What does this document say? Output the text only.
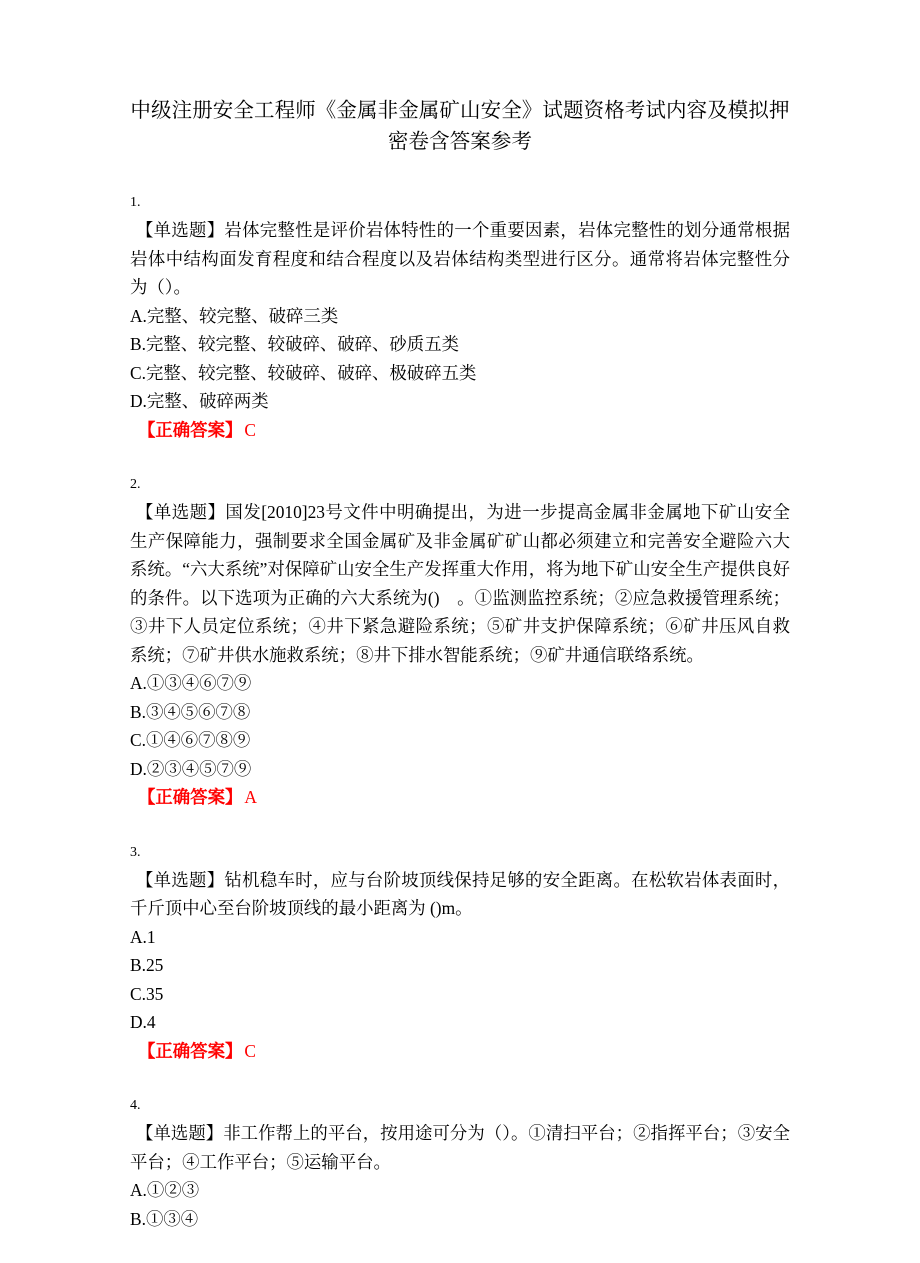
中级注册安全工程师《金属非金属矿山安全》试题资格考试内容及模拟押密卷含答案参考
1.

【单选题】岩体完整性是评价岩体特性的一个重要因素，岩体完整性的划分通常根据岩体中结构面发育程度和结合程度以及岩体结构类型进行区分。通常将岩体完整性分为（）。

A.完整、较完整、破碎三类
B.完整、较完整、较破碎、破碎、砂质五类
C.完整、较完整、较破碎、破碎、极破碎五类
D.完整、破碎两类
【正确答案】 C
2.

【单选题】国发[2010]23号文件中明确提出，为进一步提高金属非金属地下矿山安全生产保障能力，强制要求全国金属矿及非金属矿矿山都必须建立和完善安全避险六大系统。“六大系统”对保障矿山安全生产发挥重大作用，将为地下矿山安全生产提供良好的条件。以下选项为正确的六大系统为()　。①监测监控系统；②应急救援管理系统；③井下人员定位系统；④井下紧急避险系统；⑤矿井支护保障系统；⑥矿井压风自救系统；⑦矿井供水施救系统；⑧井下排水智能系统；⑨矿井通信联络系统。

A.①③④⑥⑦⑨
B.③④⑤⑥⑦⑧
C.①④⑥⑦⑧⑨
D.②③④⑤⑦⑨
【正确答案】 A
3.

【单选题】钻机稳车时，应与台阶坡顶线保持足够的安全距离。在松软岩体表面时，千斤顶中心至台阶坡顶线的最小距离为 ()m。

A.1
B.25
C.35
D.4
【正确答案】 C
4.

【单选题】非工作帮上的平台，按用途可分为（）。①清扫平台；②指挥平台；③安全平台；④工作平台；⑤运输平台。

A.①②③
B.①③④
